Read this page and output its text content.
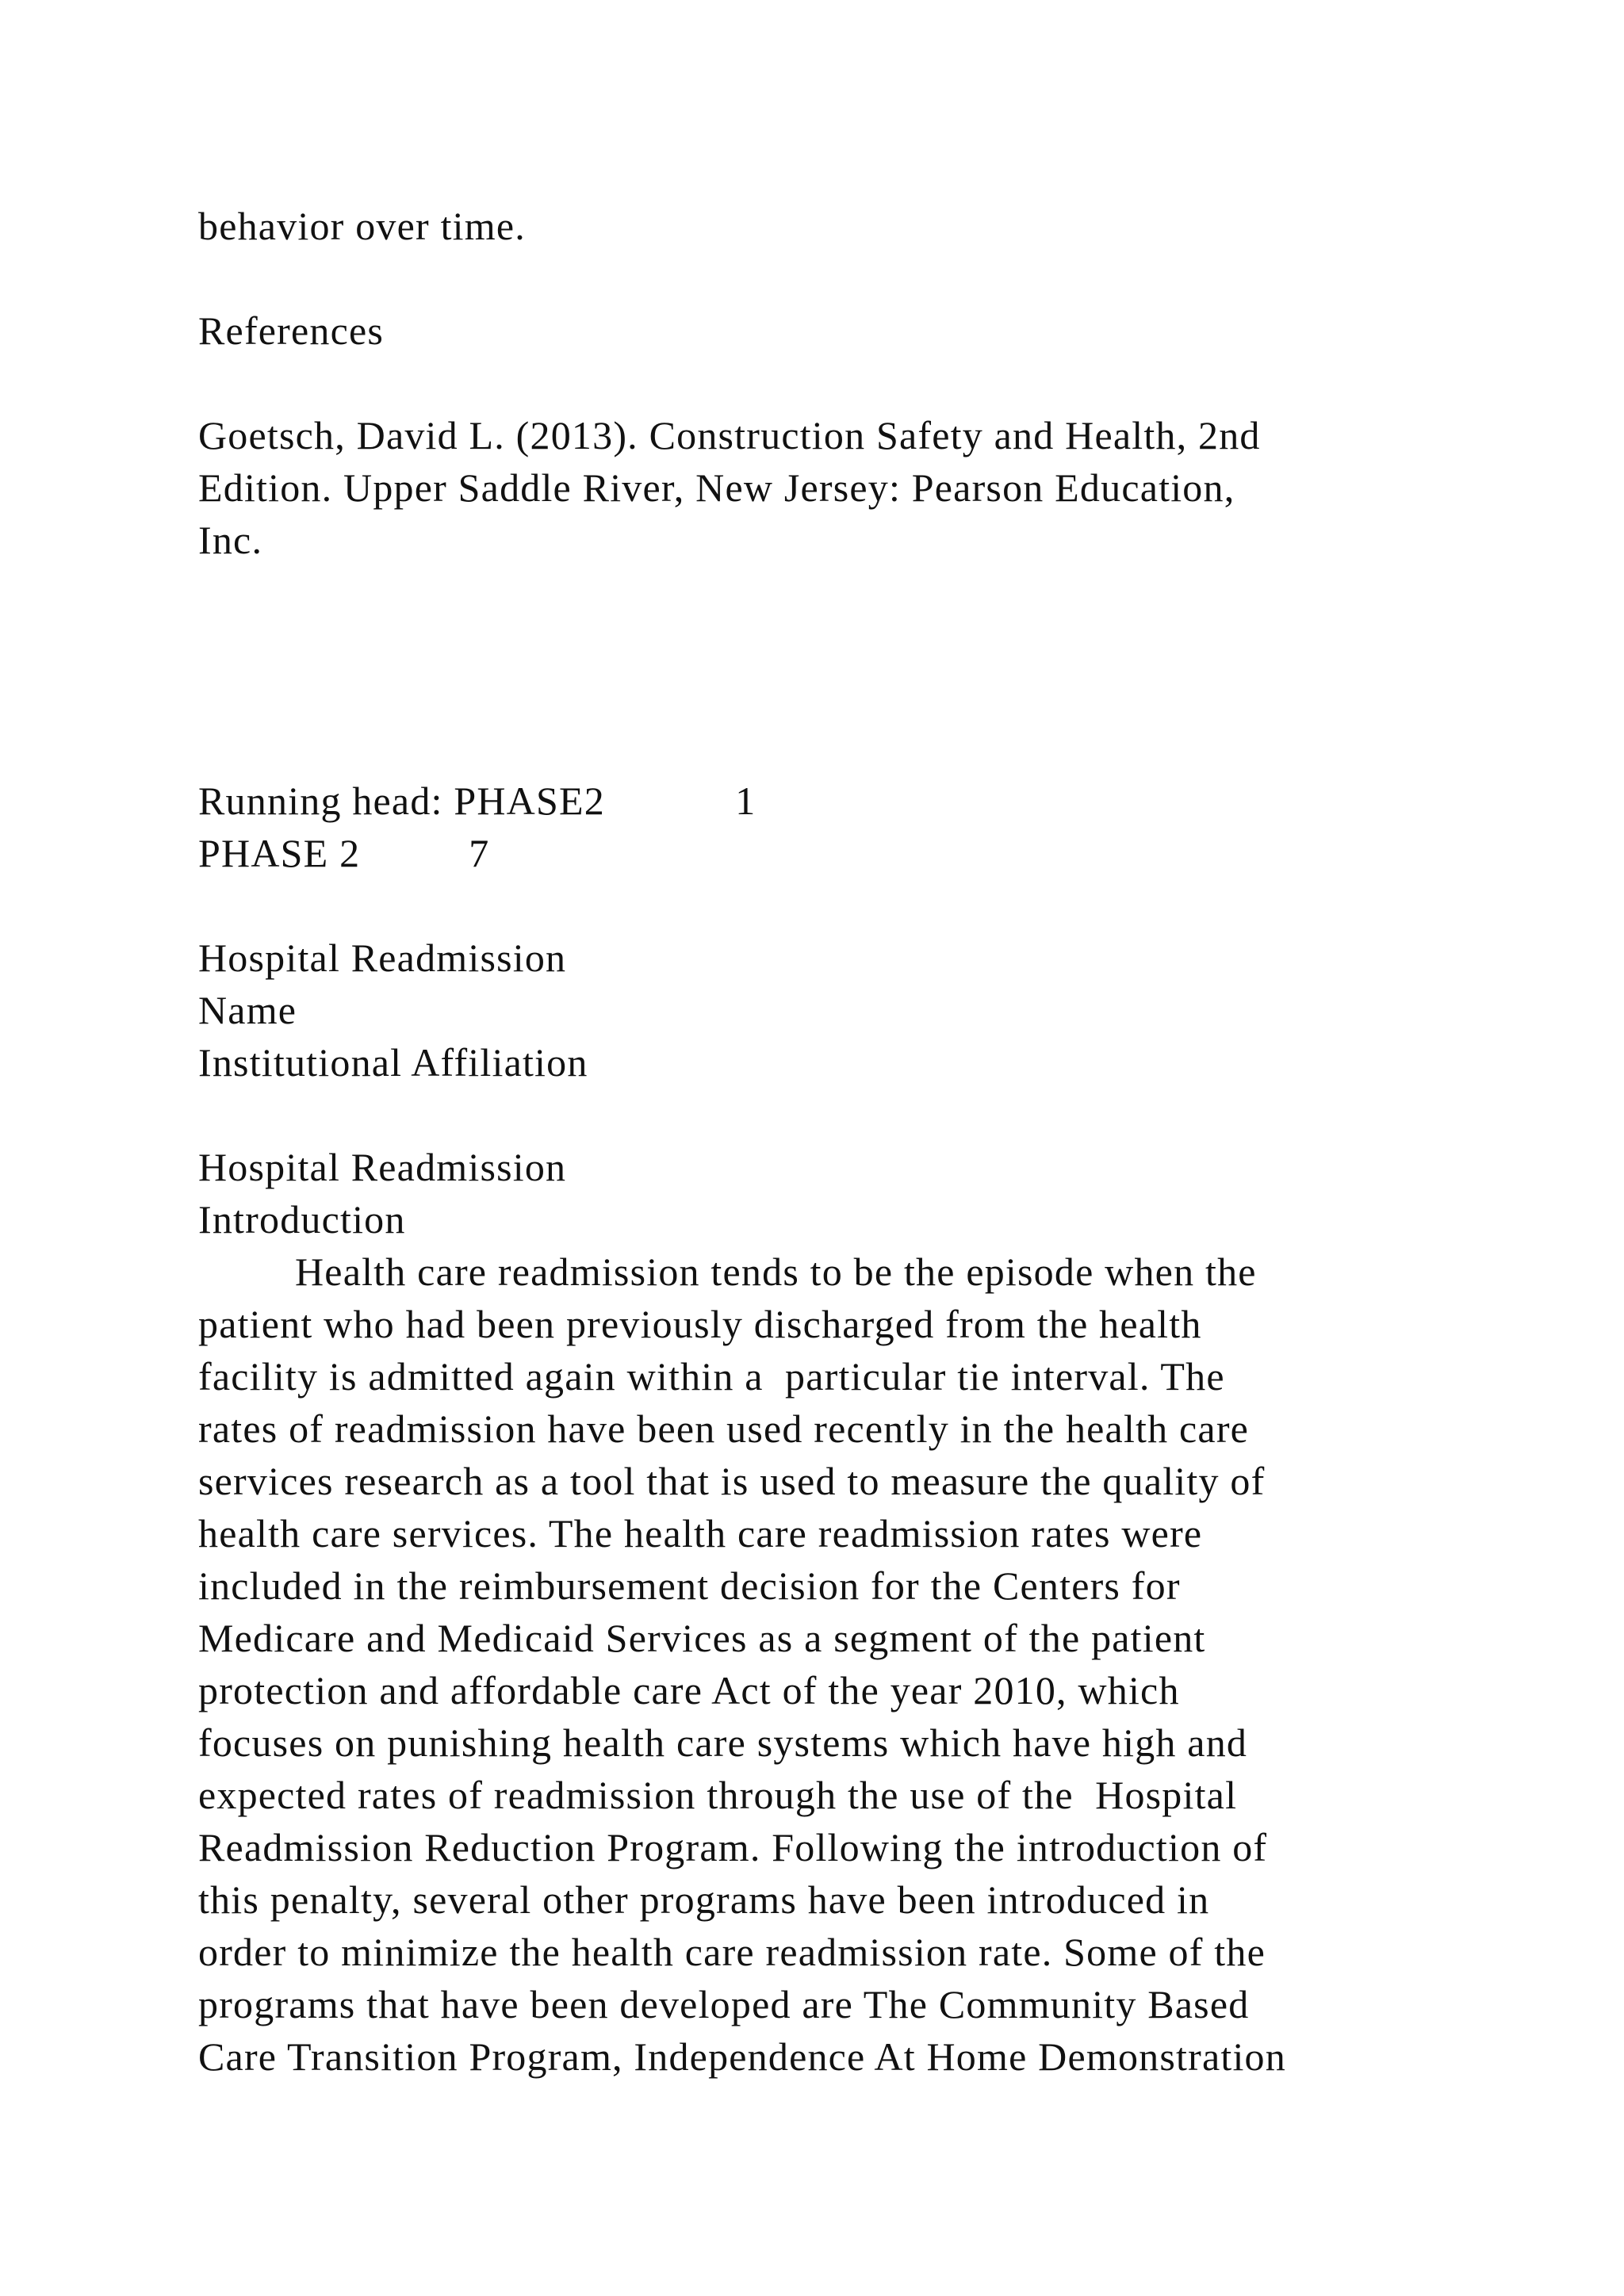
behavior over time.
References
Goetsch, David L. (2013). Construction Safety and Health, 2nd
Edition. Upper Saddle River, New Jersey: Pearson Education,
Inc.
Running head: PHASE2            1
PHASE 2          7
Hospital Readmission
Name
Institutional Affiliation
Hospital Readmission
Introduction
Health care readmission tends to be the episode when the
patient who had been previously discharged from the health
facility is admitted again within a  particular tie interval. The
rates of readmission have been used recently in the health care
services research as a tool that is used to measure the quality of
health care services. The health care readmission rates were
included in the reimbursement decision for the Centers for
Medicare and Medicaid Services as a segment of the patient
protection and affordable care Act of the year 2010, which
focuses on punishing health care systems which have high and
expected rates of readmission through the use of the  Hospital
Readmission Reduction Program. Following the introduction of
this penalty, several other programs have been introduced in
order to minimize the health care readmission rate. Some of the
programs that have been developed are The Community Based
Care Transition Program, Independence At Home Demonstration
